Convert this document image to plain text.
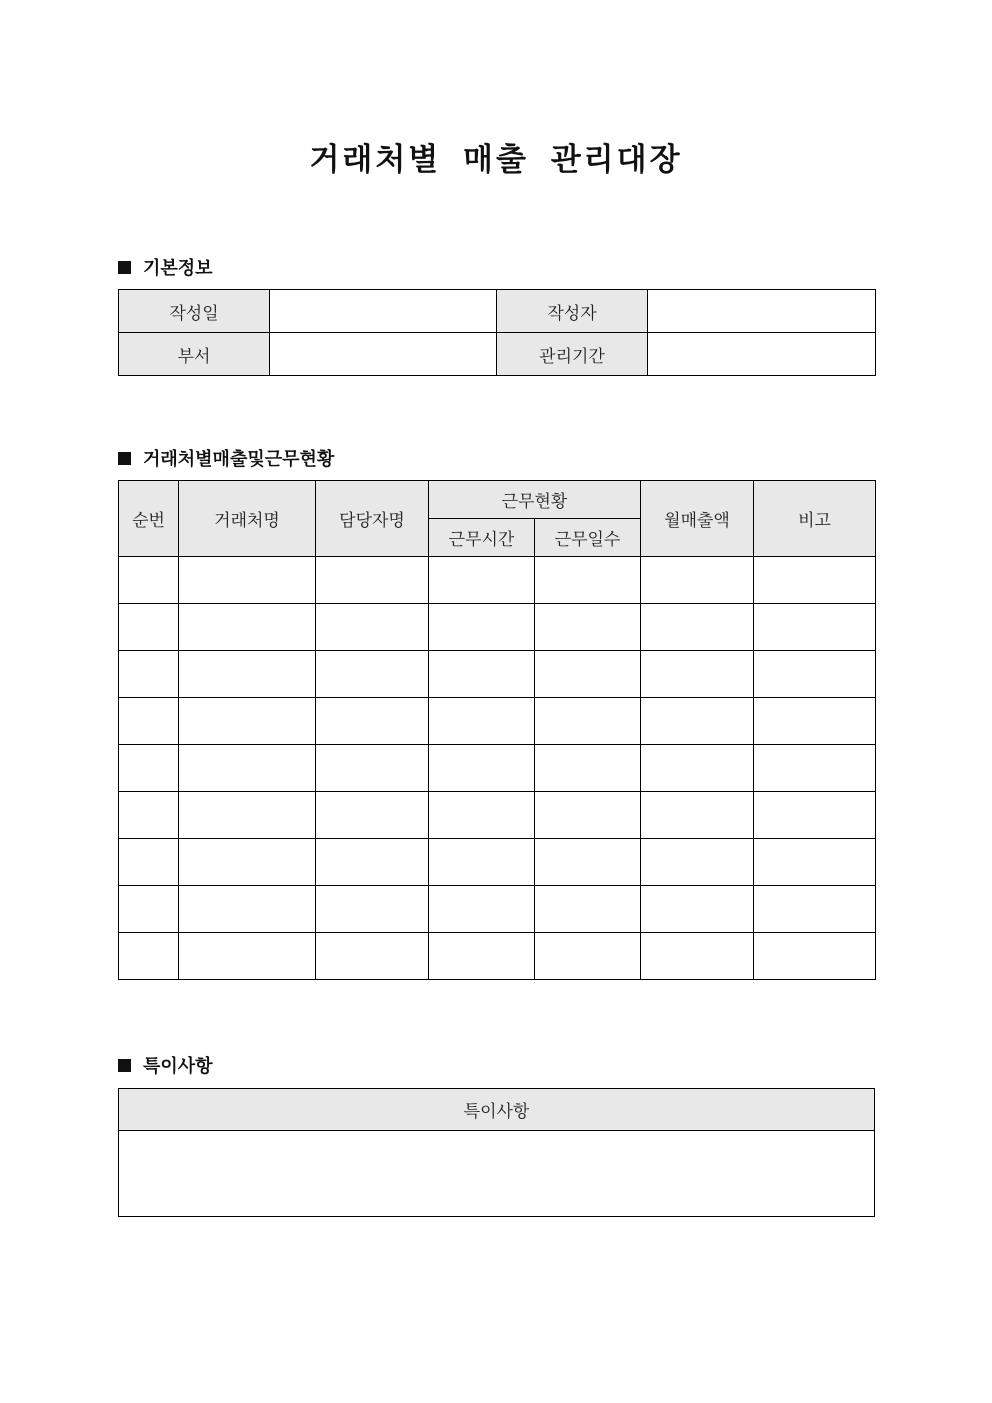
거래처별 매출 관리대장
기본정보
작성일		작성자	
부서		관리기간	
거래처별매출및근무현황
순번	거래처명	담당자명	근무현황		월매출액	비고
			근무시간	근무일수		

특이사항
특이사항
